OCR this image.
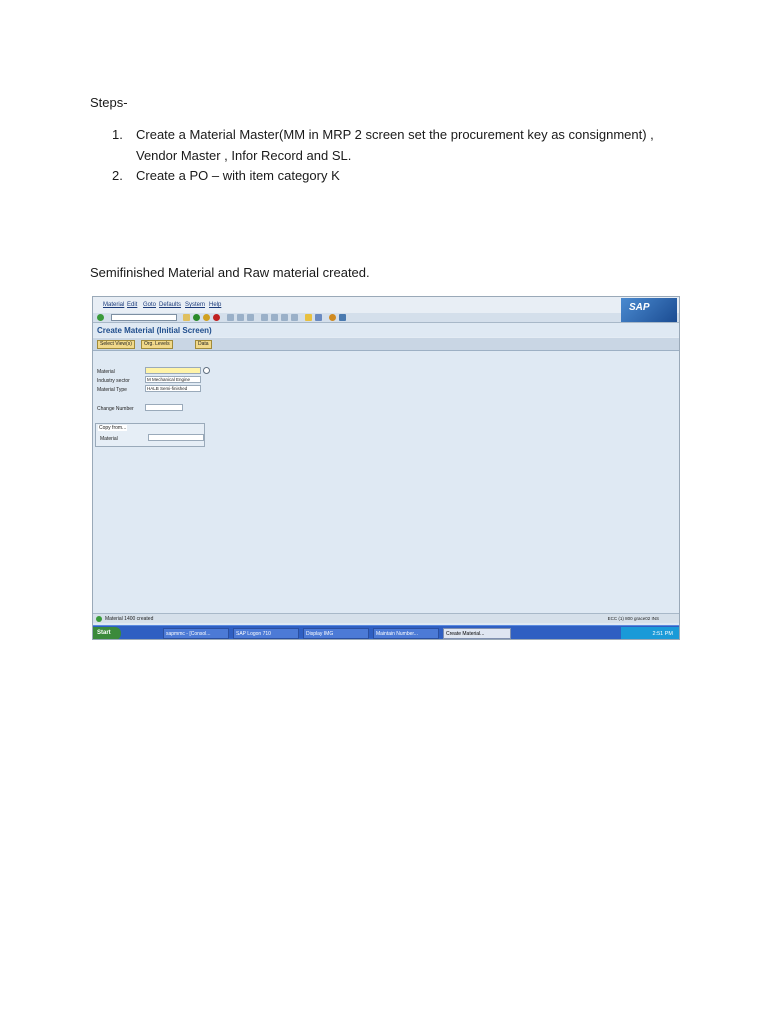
Steps-
1.	Create a Material Master(MM in MRP 2 screen set the procurement key as consignment) ,
Vendor Master , Infor Record and SL.
2.	Create a PO – with item category K
Semifinished Material and Raw material created.
Material Edit Goto Defaults System Help	SAP
Create Material (Initial Screen)
Select View(s)	Org. Levels	Data
Material
Industry sector	M Mechanical Engine
Material Type	HALB Semi-finished
Change Number
Copy from...
Material
Material 1400 created	ECC (1) 800 grace02 INS
Start	sapmmc - [Consol...	SAP Logon 710	Display IMG	Maintain Number...	Create Material...	2:51 PM
